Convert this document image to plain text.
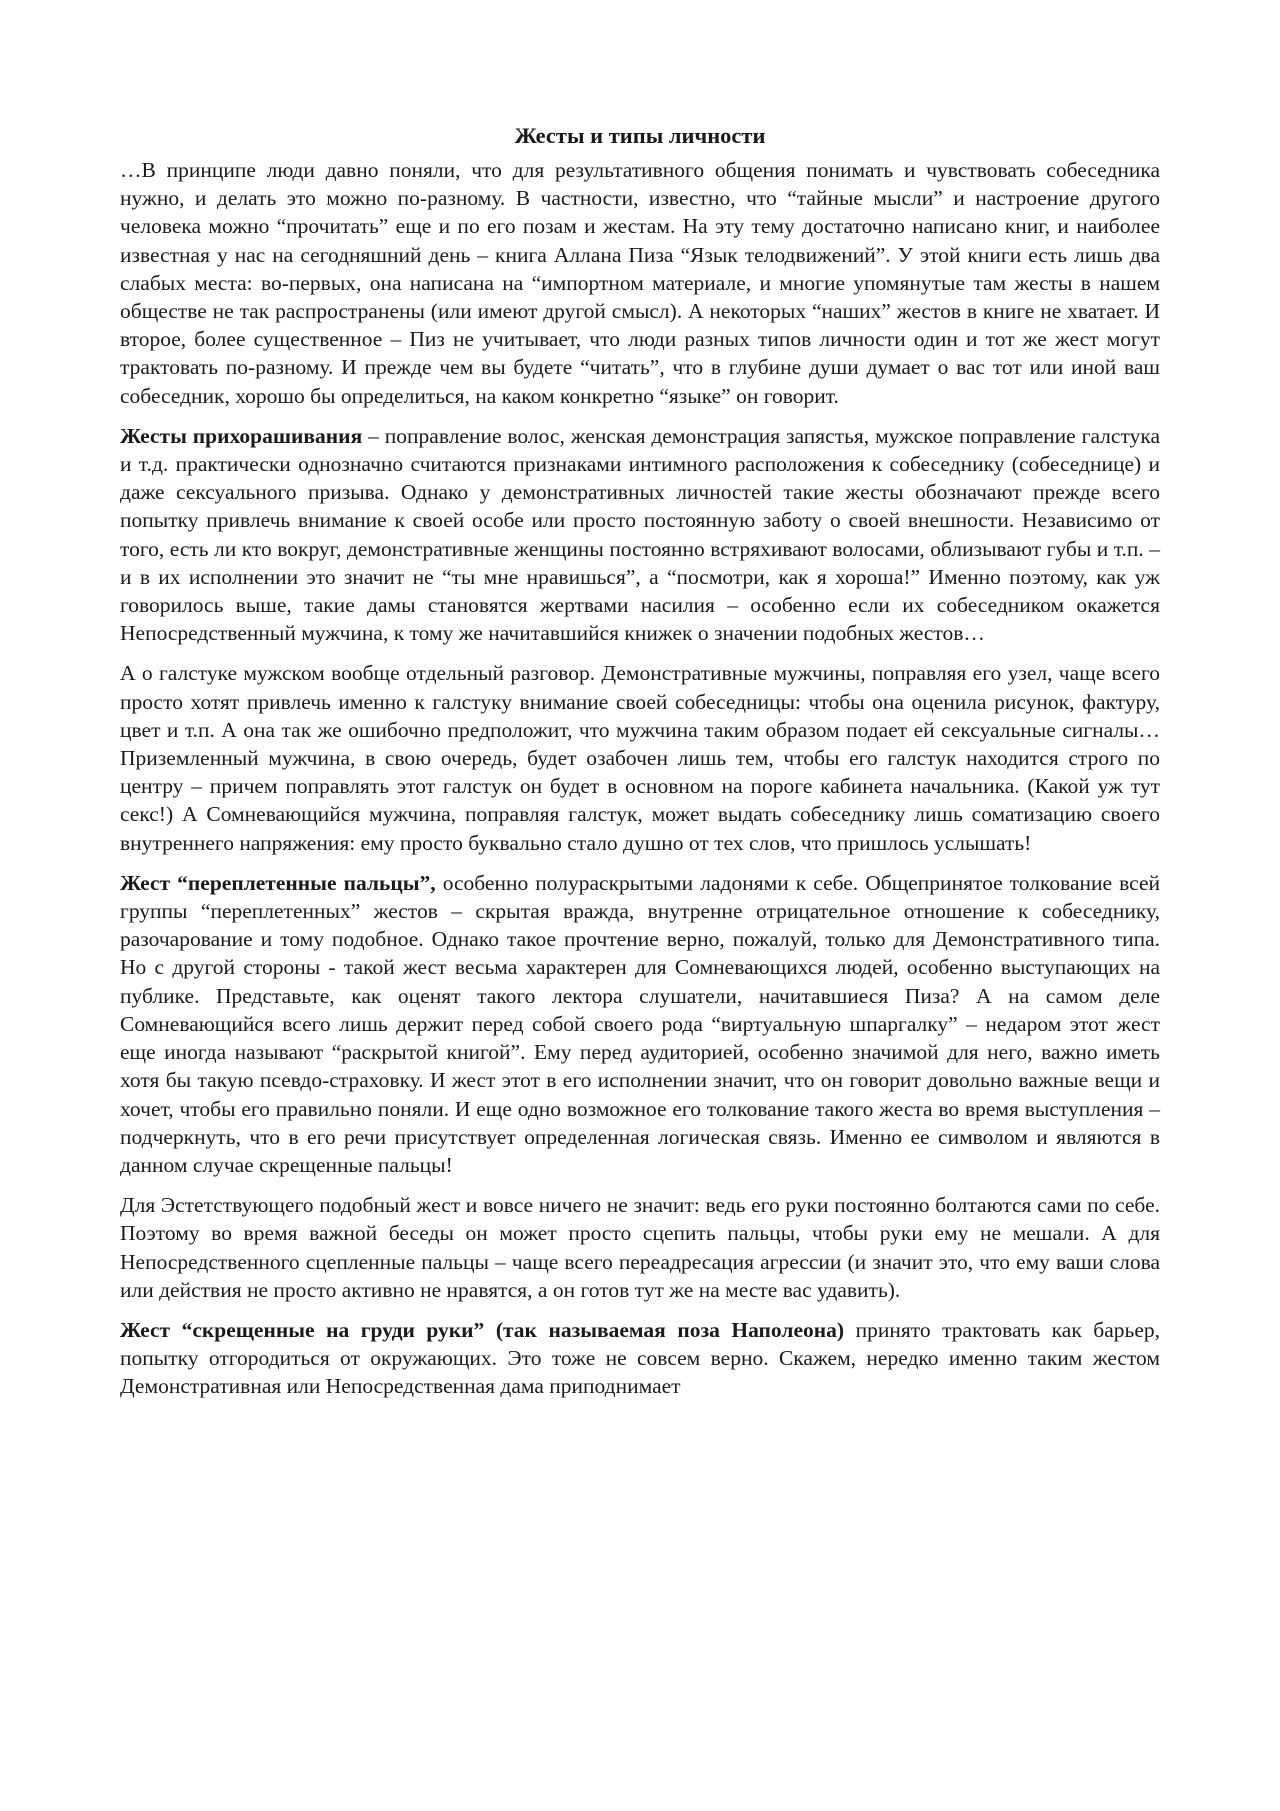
Жесты и типы личности

…В принципе люди давно поняли, что для результативного общения понимать и чувствовать собеседника нужно, и делать это можно по-разному. В частности, известно, что “тайные мысли” и настроение другого человека можно “прочитать” еще и по его позам и жестам. На эту тему достаточно написано книг, и наиболее известная у нас на сегодняшний день – книга Аллана Пиза “Язык телодвижений”. У этой книги есть лишь два слабых места: во-первых, она написана на “импортном материале, и многие упомянутые там жесты в нашем обществе не так распространены (или имеют другой смысл). А некоторых “наших” жестов в книге не хватает. И второе, более существенное – Пиз не учитывает, что люди разных типов личности один и тот же жест могут трактовать по-разному. И прежде чем вы будете “читать”, что в глубине души думает о вас тот или иной ваш собеседник, хорошо бы определиться, на каком конкретно “языке” он говорит.

Жесты прихорашивания – поправление волос, женская демонстрация запястья, мужское поправление галстука и т.д. практически однозначно считаются признаками интимного расположения к собеседнику (собеседнице) и даже сексуального призыва. Однако у демонстративных личностей такие жесты обозначают прежде всего попытку привлечь внимание к своей особе или просто постоянную заботу о своей внешности. Независимо от того, есть ли кто вокруг, демонстративные женщины постоянно встряхивают волосами, облизывают губы и т.п. – и в их исполнении это значит не “ты мне нравишься”, а “посмотри, как я хороша!” Именно поэтому, как уж говорилось выше, такие дамы становятся жертвами насилия – особенно если их собеседником окажется Непосредственный мужчина, к тому же начитавшийся книжек о значении подобных жестов…

А о галстуке мужском вообще отдельный разговор. Демонстративные мужчины, поправляя его узел, чаще всего просто хотят привлечь именно к галстуку внимание своей собеседницы: чтобы она оценила рисунок, фактуру, цвет и т.п. А она так же ошибочно предположит, что мужчина таким образом подает ей сексуальные сигналы… Приземленный мужчина, в свою очередь, будет озабочен лишь тем, чтобы его галстук находится строго по центру – причем поправлять этот галстук он будет в основном на пороге кабинета начальника. (Какой уж тут секс!) А Сомневающийся мужчина, поправляя галстук, может выдать собеседнику лишь соматизацию своего внутреннего напряжения: ему просто буквально стало душно от тех слов, что пришлось услышать!

Жест “переплетенные пальцы”, особенно полураскрытыми ладонями к себе. Общепринятое толкование всей группы “переплетенных” жестов – скрытая вражда, внутренне отрицательное отношение к собеседнику, разочарование и тому подобное. Однако такое прочтение верно, пожалуй, только для Демонстративного типа. Но с другой стороны - такой жест весьма характерен для Сомневающихся людей, особенно выступающих на публике. Представьте, как оценят такого лектора слушатели, начитавшиеся Пиза? А на самом деле Сомневающийся всего лишь держит перед собой своего рода “виртуальную шпаргалку” – недаром этот жест еще иногда называют “раскрытой книгой”. Ему перед аудиторией, особенно значимой для него, важно иметь хотя бы такую псевдо-страховку. И жест этот в его исполнении значит, что он говорит довольно важные вещи и хочет, чтобы его правильно поняли. И еще одно возможное его толкование такого жеста во время выступления – подчеркнуть, что в его речи присутствует определенная логическая связь. Именно ее символом и являются в данном случае скрещенные пальцы!

Для Эстетствующего подобный жест и вовсе ничего не значит: ведь его руки постоянно болтаются сами по себе. Поэтому во время важной беседы он может просто сцепить пальцы, чтобы руки ему не мешали. А для Непосредственного сцепленные пальцы – чаще всего переадресация агрессии (и значит это, что ему ваши слова или действия не просто активно не нравятся, а он готов тут же на месте вас удавить).

Жест “скрещенные на груди руки” (так называемая поза Наполеона) принято трактовать как барьер, попытку отгородиться от окружающих. Это тоже не совсем верно. Скажем, нередко именно таким жестом Демонстративная или Непосредственная дама приподнимает
